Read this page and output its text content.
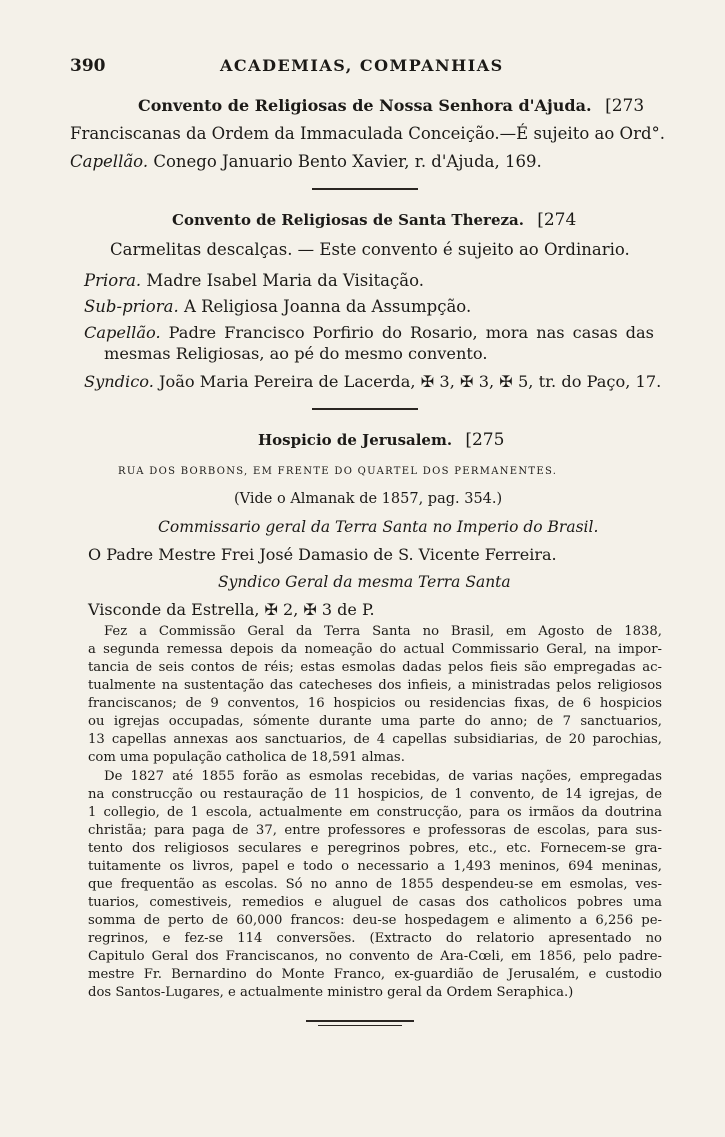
390	ACADEMIAS, COMPANHIAS
Convento de Religiosas de Nossa Senhora d'Ajuda. [273
Franciscanas da Ordem da Immaculada Conceição.—É sujeito ao Ord°.
Capellão. Conego Januario Bento Xavier, r. d'Ajuda, 169.
Convento de Religiosas de Santa Thereza. [274
Carmelitas descalças. — Este convento é sujeito ao Ordinario.
Priora. Madre Isabel Maria da Visitação.
Sub-priora. A Religiosa Joanna da Assumpção.
Capellão. Padre Francisco Porfirio do Rosario, mora nas casas das
mesmas Religiosas, ao pé do mesmo convento.
Syndico. João Maria Pereira de Lacerda, ✠ 3, ✠ 3, ✠ 5, tr. do Paço, 17.
Hospicio de Jerusalem. [275
RUA DOS BORBONS, EM FRENTE DO QUARTEL DOS PERMANENTES.
(Vide o Almanak de 1857, pag. 354.)
Commissario geral da Terra Santa no Imperio do Brasil.
O Padre Mestre Frei José Damasio de S. Vicente Ferreira.
Syndico Geral da mesma Terra Santa
Visconde da Estrella, ✠ 2, ✠ 3 de P.
Fez a Commissão Geral da Terra Santa no Brasil, em Agosto de 1838,
a segunda remessa depois da nomeação do actual Commissario Geral, na impor-
tancia de seis contos de réis; estas esmolas dadas pelos fieis são empregadas ac-
tualmente na sustentação das catecheses dos infieis, a ministradas pelos religiosos
franciscanos; de 9 conventos, 16 hospicios ou residencias fixas, de 6 hospicios
ou igrejas occupadas, sómente durante uma parte do anno; de 7 sanctuarios,
13 capellas annexas aos sanctuarios, de 4 capellas subsidiarias, de 20 parochias,
com uma população catholica de 18,591 almas.
De 1827 até 1855 forão as esmolas recebidas, de varias nações, empregadas
na construcção ou restauração de 11 hospicios, de 1 convento, de 14 igrejas, de
1 collegio, de 1 escola, actualmente em construcção, para os irmãos da doutrina
christãa; para paga de 37, entre professores e professoras de escolas, para sus-
tento dos religiosos seculares e peregrinos pobres, etc., etc. Fornecem-se gra-
tuitamente os livros, papel e todo o necessario a 1,493 meninos, 694 meninas,
que frequentão as escolas. Só no anno de 1855 despendeu-se em esmolas, ves-
tuarios, comestiveis, remedios e aluguel de casas dos catholicos pobres uma
somma de perto de 60,000 francos: deu-se hospedagem e alimento a 6,256 pe-
regrinos, e fez-se 114 conversões. (Extracto do relatorio apresentado no
Capitulo Geral dos Franciscanos, no convento de Ara-Cœli, em 1856, pelo padre-
mestre Fr. Bernardino do Monte Franco, ex-guardião de Jerusalém, e custodio
dos Santos-Lugares, e actualmente ministro geral da Ordem Seraphica.)
